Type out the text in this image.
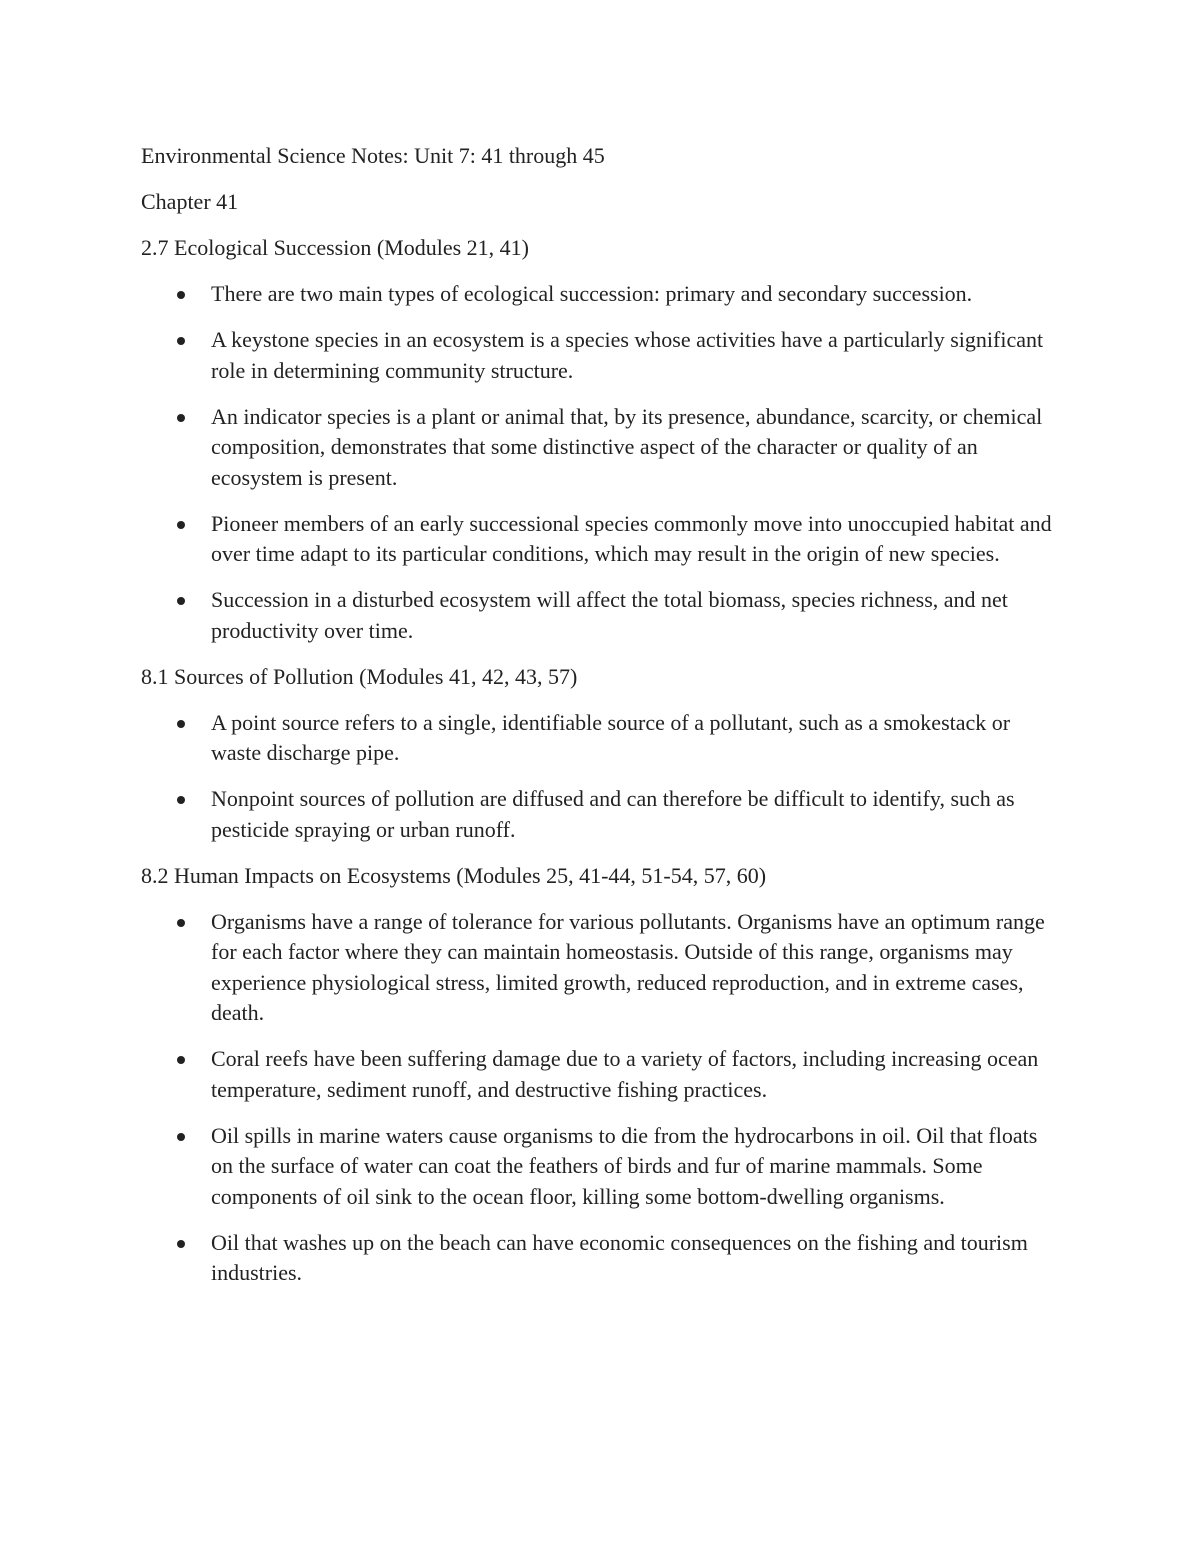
Environmental Science Notes: Unit 7: 41 through 45

Chapter 41

2.7 Ecological Succession (Modules 21, 41)

There are two main types of ecological succession: primary and secondary succession.
A keystone species in an ecosystem is a species whose activities have a particularly significant role in determining community structure.
An indicator species is a plant or animal that, by its presence, abundance, scarcity, or chemical composition, demonstrates that some distinctive aspect of the character or quality of an ecosystem is present.
Pioneer members of an early successional species commonly move into unoccupied habitat and over time adapt to its particular conditions, which may result in the origin of new species.
Succession in a disturbed ecosystem will affect the total biomass, species richness, and net productivity over time.

8.1 Sources of Pollution (Modules 41, 42, 43, 57)

A point source refers to a single, identifiable source of a pollutant, such as a smokestack or waste discharge pipe.
Nonpoint sources of pollution are diffused and can therefore be difficult to identify, such as pesticide spraying or urban runoff.

8.2 Human Impacts on Ecosystems (Modules 25, 41-44, 51-54, 57, 60)

Organisms have a range of tolerance for various pollutants. Organisms have an optimum range for each factor where they can maintain homeostasis. Outside of this range, organisms may experience physiological stress, limited growth, reduced reproduction, and in extreme cases, death.
Coral reefs have been suffering damage due to a variety of factors, including increasing ocean temperature, sediment runoff, and destructive fishing practices.
Oil spills in marine waters cause organisms to die from the hydrocarbons in oil. Oil that floats on the surface of water can coat the feathers of birds and fur of marine mammals. Some components of oil sink to the ocean floor, killing some bottom-dwelling organisms.
Oil that washes up on the beach can have economic consequences on the fishing and tourism industries.
